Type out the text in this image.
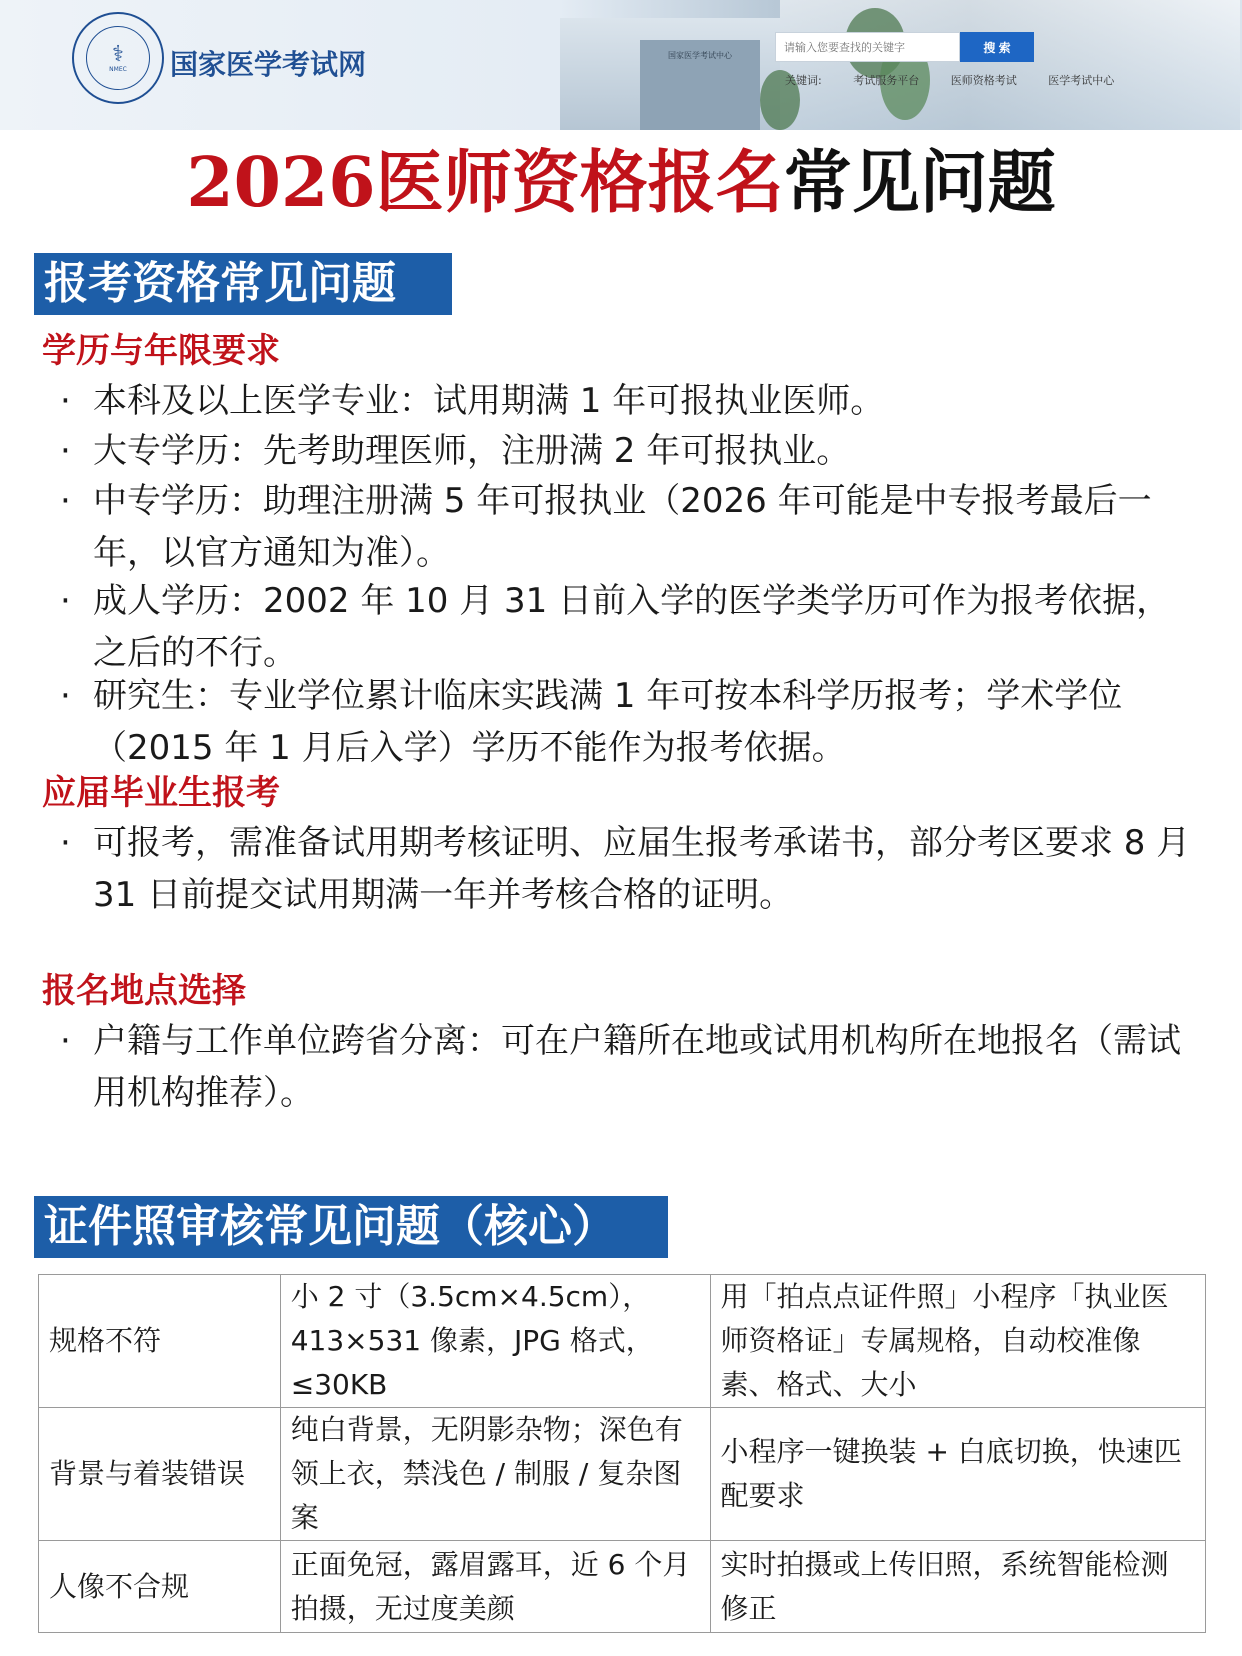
国家医学考试中心
⚕
NMEC 国家医学考试网
请输入您要查找的关键字
搜 索
关键词:	考试服务平台	医师资格考试	医学考试中心
2026医师资格报名常见问题
报考资格常见问题
学历与年限要求
· 本科及以上医学专业：试用期满 1 年可报执业医师。
· 大专学历：先考助理医师，注册满 2 年可报执业。
· 中专学历：助理注册满 5 年可报执业（2026 年可能是中专报考最后一年，以官方通知为准）。
· 成人学历：2002 年 10 月 31 日前入学的医学类学历可作为报考依据，之后的不行。
· 研究生：专业学位累计临床实践满 1 年可按本科学历报考；学术学位（2015 年 1 月后入学）学历不能作为报考依据。
应届毕业生报考
· 可报考，需准备试用期考核证明、应届生报考承诺书，部分考区要求 8 月 31 日前提交试用期满一年并考核合格的证明。
报名地点选择
· 户籍与工作单位跨省分离：可在户籍所在地或试用机构所在地报名（需试用机构推荐）。
证件照审核常见问题（核心）
规格不符	小 2 寸（3.5cm×4.5cm），413×531 像素，JPG 格式，≤30KB	用「拍点点证件照」小程序「执业医师资格证」专属规格，自动校准像素、格式、大小
背景与着装错误	纯白背景，无阴影杂物；深色有领上衣，禁浅色 / 制服 / 复杂图案	小程序一键换装 + 白底切换，快速匹配要求
人像不合规	正面免冠，露眉露耳，近 6 个月拍摄，无过度美颜	实时拍摄或上传旧照，系统智能检测修正
